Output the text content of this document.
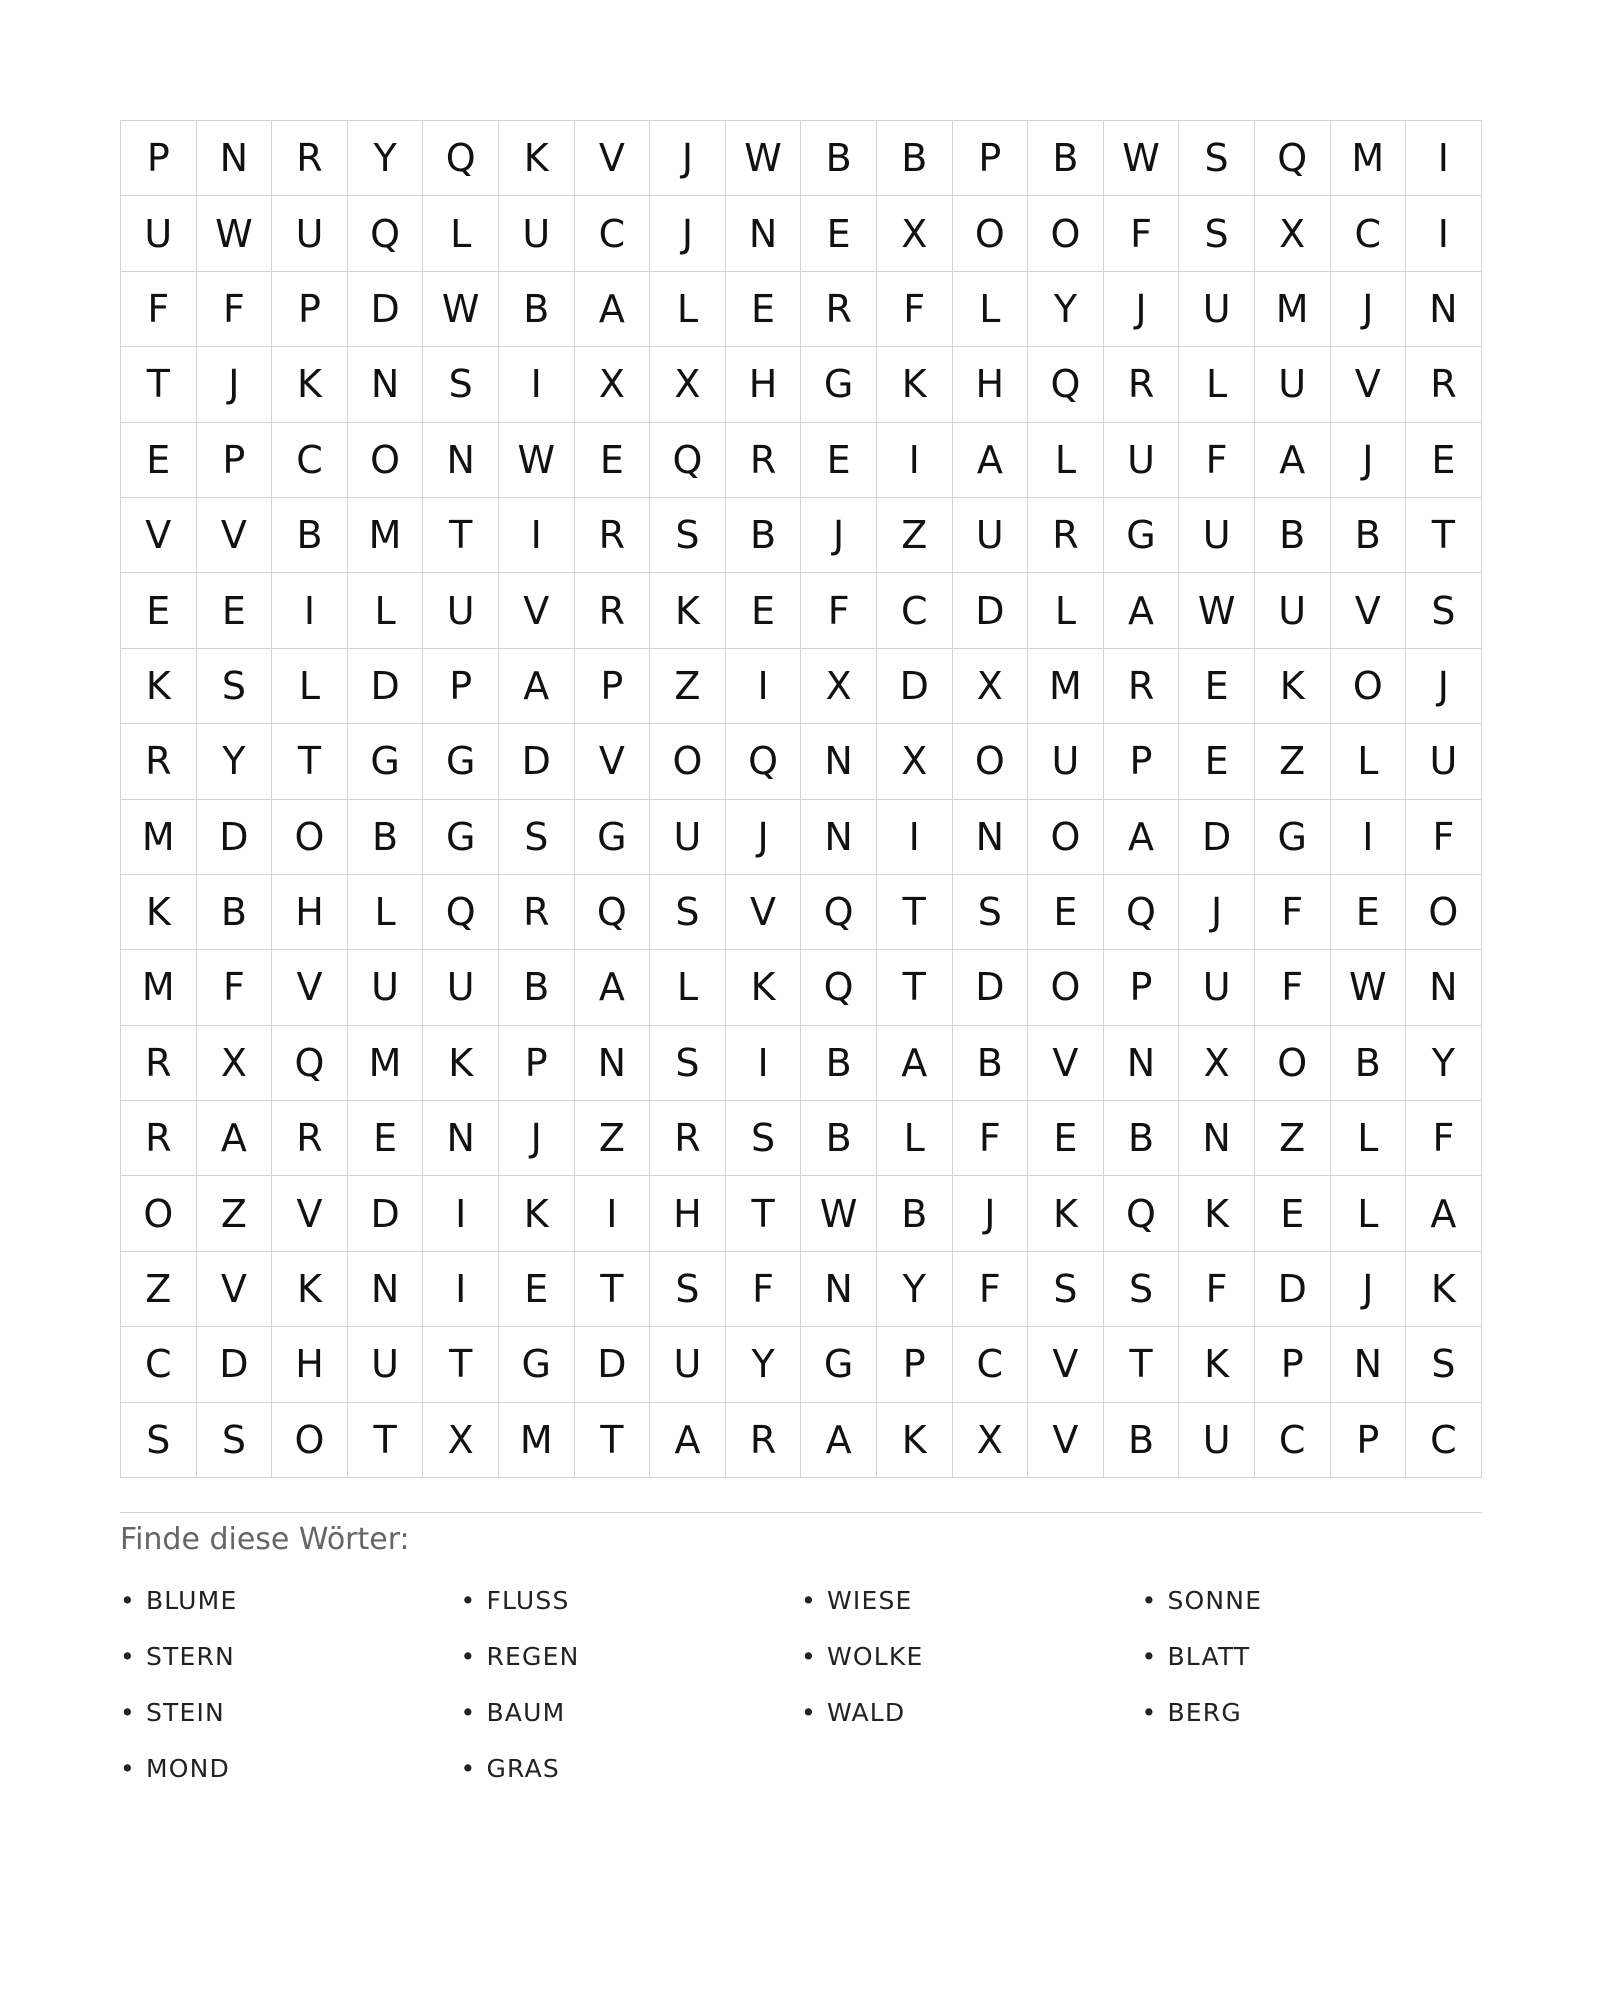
P	N	R	Y	Q	K	V	J	W	B	B	P	B	W	S	Q	M	I
U	W	U	Q	L	U	C	J	N	E	X	O	O	F	S	X	C	I
F	F	P	D	W	B	A	L	E	R	F	L	Y	J	U	M	J	N
T	J	K	N	S	I	X	X	H	G	K	H	Q	R	L	U	V	R
E	P	C	O	N	W	E	Q	R	E	I	A	L	U	F	A	J	E
V	V	B	M	T	I	R	S	B	J	Z	U	R	G	U	B	B	T
E	E	I	L	U	V	R	K	E	F	C	D	L	A	W	U	V	S
K	S	L	D	P	A	P	Z	I	X	D	X	M	R	E	K	O	J
R	Y	T	G	G	D	V	O	Q	N	X	O	U	P	E	Z	L	U
M	D	O	B	G	S	G	U	J	N	I	N	O	A	D	G	I	F
K	B	H	L	Q	R	Q	S	V	Q	T	S	E	Q	J	F	E	O
M	F	V	U	U	B	A	L	K	Q	T	D	O	P	U	F	W	N
R	X	Q	M	K	P	N	S	I	B	A	B	V	N	X	O	B	Y
R	A	R	E	N	J	Z	R	S	B	L	F	E	B	N	Z	L	F
O	Z	V	D	I	K	I	H	T	W	B	J	K	Q	K	E	L	A
Z	V	K	N	I	E	T	S	F	N	Y	F	S	S	F	D	J	K
C	D	H	U	T	G	D	U	Y	G	P	C	V	T	K	P	N	S
S	S	O	T	X	M	T	A	R	A	K	X	V	B	U	C	P	C
Finde diese Wörter:
• BLUME	• FLUSS	• WIESE	• SONNE
• STERN	• REGEN	• WOLKE	• BLATT
• STEIN	• BAUM	• WALD	• BERG
• MOND	• GRAS
